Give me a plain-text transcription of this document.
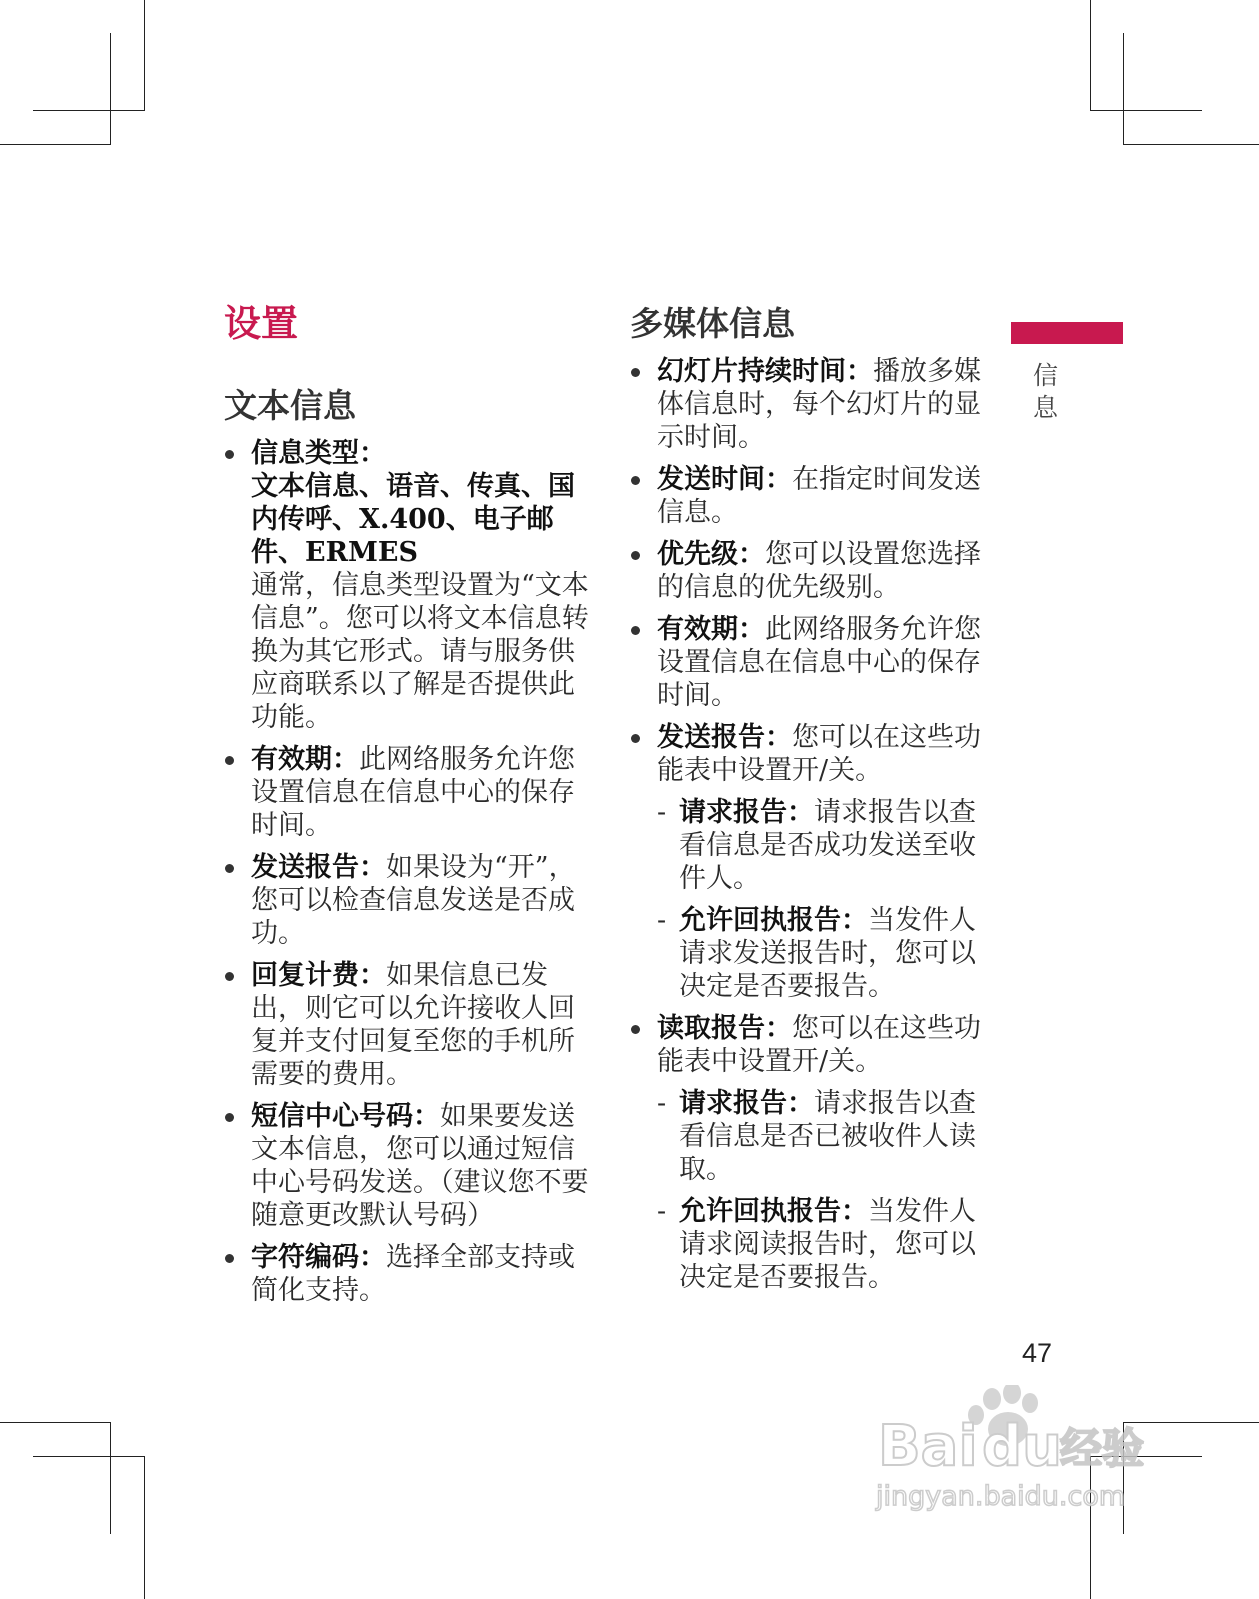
设置
文本信息
信息类型：
文本信息、语音、传真、国内传呼、X.400、电子邮件、ERMES
通常，信息类型设置为“文本信息”。您可以将文本信息转换为其它形式。请与服务供应商联系以了解是否提供此功能。
有效期：此网络服务允许您设置信息在信息中心的保存时间。
发送报告：如果设为“开”，您可以检查信息发送是否成功。
回复计费：如果信息已发出，则它可以允许接收人回复并支付回复至您的手机所需要的费用。
短信中心号码：如果要发送文本信息，您可以通过短信中心号码发送。（建议您不要随意更改默认号码）
字符编码：选择全部支持或简化支持。
多媒体信息
幻灯片持续时间：播放多媒体信息时，每个幻灯片的显示时间。
发送时间：在指定时间发送信息。
优先级：您可以设置您选择的信息的优先级别。
有效期：此网络服务允许您设置信息在信息中心的保存时间。
发送报告：您可以在这些功能表中设置开/关。
- 请求报告：请求报告以查看信息是否成功发送至收件人。
- 允许回执报告：当发件人请求发送报告时，您可以决定是否要报告。
读取报告：您可以在这些功能表中设置开/关。
- 请求报告：请求报告以查看信息是否已被收件人读取。
- 允许回执报告：当发件人请求阅读报告时，您可以决定是否要报告。
信息
47
Bai du
经验
jingyan.baidu.com
